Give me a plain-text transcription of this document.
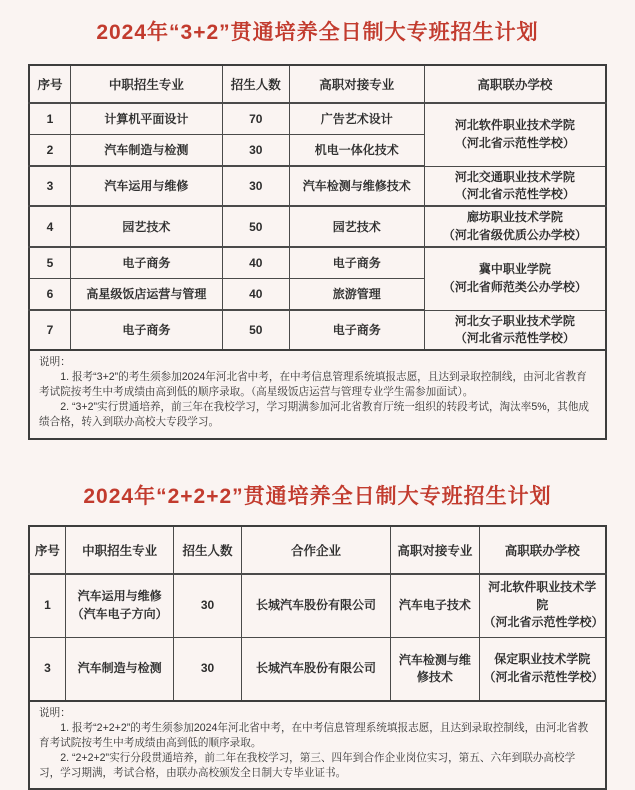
2024年“3+2”贯通培养全日制大专班招生计划
序号	中职招生专业	招生人数	高职对接专业	高职联办学校
1	计算机平面设计	70	广告艺术设计	河北软件职业技术学院
（河北省示范性学校）

2	汽车制造与检测	30	机电一体化技术	
3	汽车运用与维修	30	汽车检测与维修技术	河北交通职业技术学院
（河北省示范性学校）

4	园艺技术	50	园艺技术	廊坊职业技术学院
（河北省级优质公办学校）

5	电子商务	40	电子商务	冀中职业学院
（河北省师范类公办学校）

6	高星级饭店运营与管理	40	旅游管理	
7	电子商务	50	电子商务	河北女子职业技术学院
（河北省示范性学校）

说明：

1. 报考“3+2”的考生须参加2024年河北省中考，在中考信息管理系统填报志愿，且达到录取控制线，由河北省教育考试院按考生中考成绩由高到低的顺序录取。（高星级饭店运营与管理专业学生需参加面试）。

2. “3+2”实行贯通培养，前三年在我校学习，学习期满参加河北省教育厅统一组织的转段考试，淘汰率5%，其他成绩合格，转入到联办高校大专段学习。				

2024年“2+2+2”贯通培养全日制大专班招生计划
序号	中职招生专业	招生人数	合作企业	高职对接专业	高职联办学校
1	汽车运用与维修
（汽车电子方向）	30	长城汽车股份有限公司	汽车电子技术	河北软件职业技术学院
（河北省示范性学校）

3	汽车制造与检测	30	长城汽车股份有限公司	汽车检测与维修技术	保定职业技术学院
（河北省示范性学校）

说明：

1. 报考“2+2+2”的考生须参加2024年河北省中考，在中考信息管理系统填报志愿，且达到录取控制线，由河北省教育考试院按考生中考成绩由高到低的顺序录取。

2. “2+2+2”实行分段贯通培养，前二年在我校学习，第三、四年到合作企业岗位实习，第五、六年到联办高校学习，学习期满，考试合格，由联办高校颁发全日制大专毕业证书。					
